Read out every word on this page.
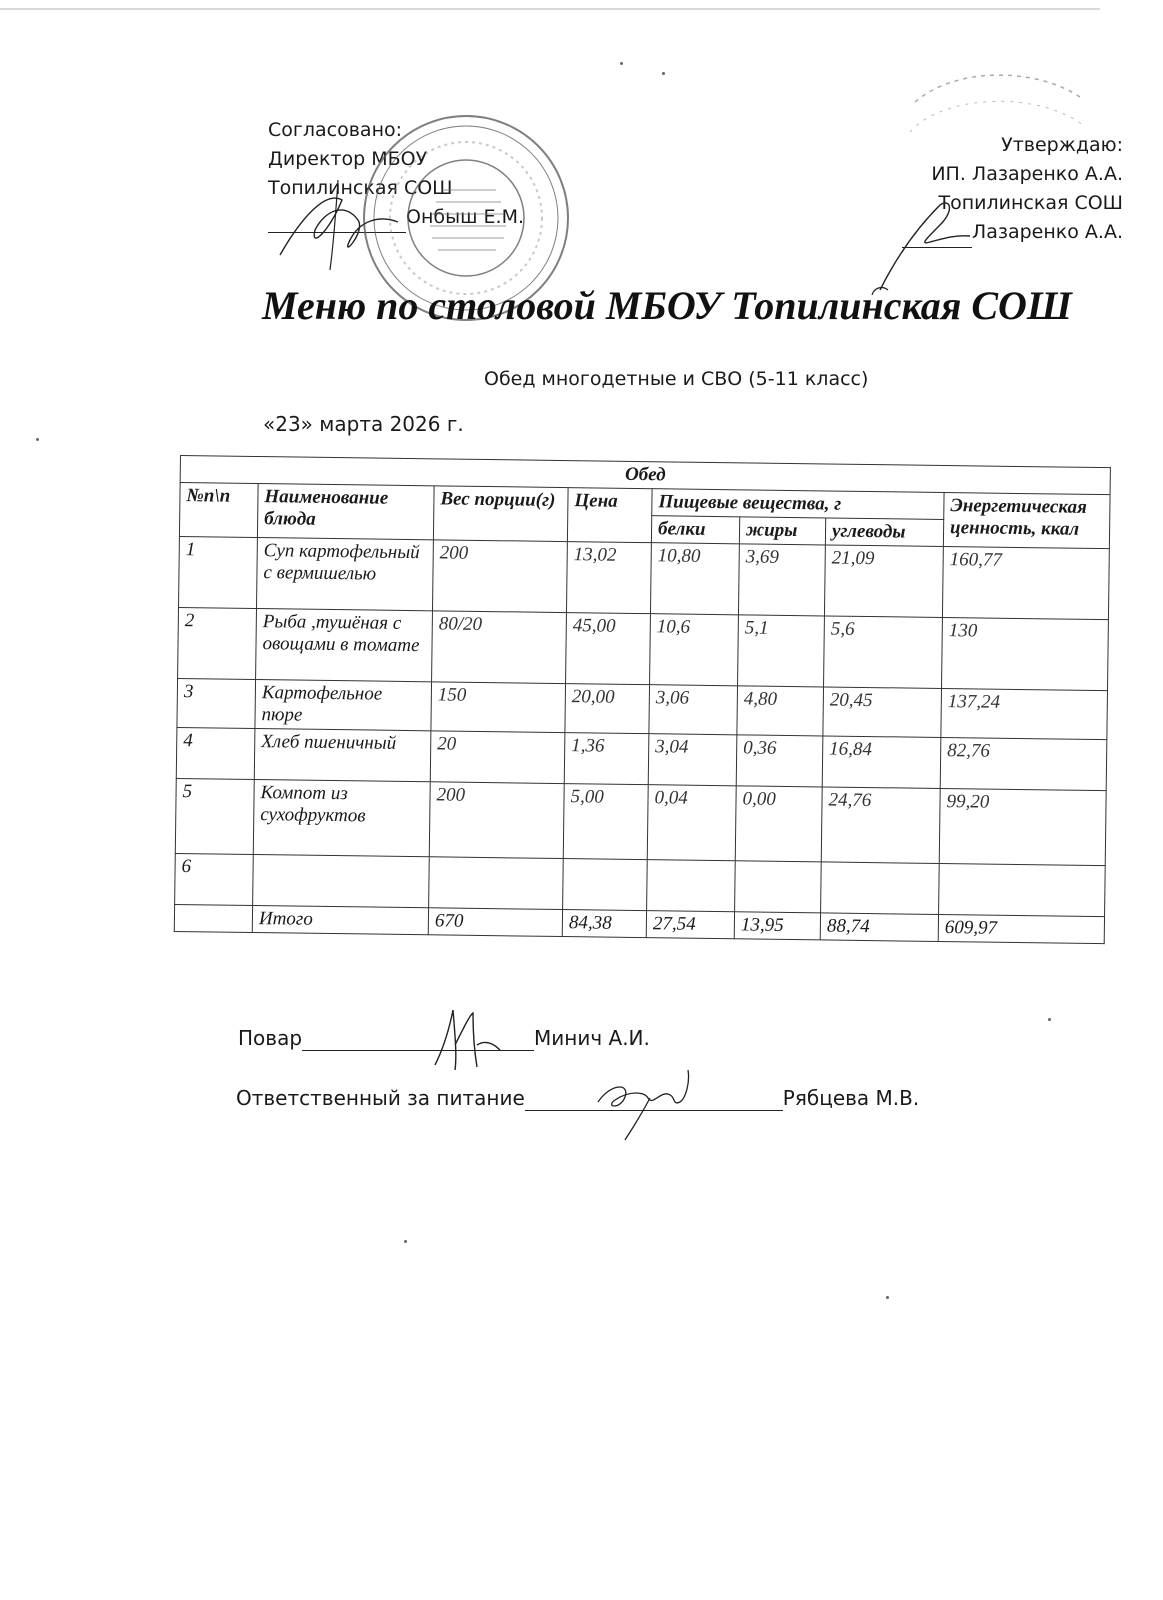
Согласовано:
Директор МБОУ
Топилинская СОШ
Онбыш Е.М.
Утверждаю:
ИП. Лазаренко А.А.
Топилинская СОШ
Лазаренко А.А.
Меню по столовой МБОУ Топилинская СОШ
Обед многодетные и СВО (5-11 класс)
«23» марта 2026 г.
Обед							
№п\п	Наименование блюда	Вес порции(г)	Цена	Пищевые вещества, г			Энергетическая ценность, ккал
				белки	жиры	углеводы	
1	Суп картофельный с вермишелью	200	13,02	10,80	3,69	21,09	160,77
2	Рыба ,тушёная с овощами в томате	80/20	45,00	10,6	5,1	5,6	130
3	Картофельное пюре	150	20,00	3,06	4,80	20,45	137,24
4	Хлеб пшеничный	20	1,36	3,04	0,36	16,84	82,76
5	Компот из сухофруктов	200	5,00	0,04	0,00	24,76	99,20
6							
	Итого	670	84,38	27,54	13,95	88,74	609,97
Повар	Минич А.И.
Ответственный за питание	Рябцева М.В.
